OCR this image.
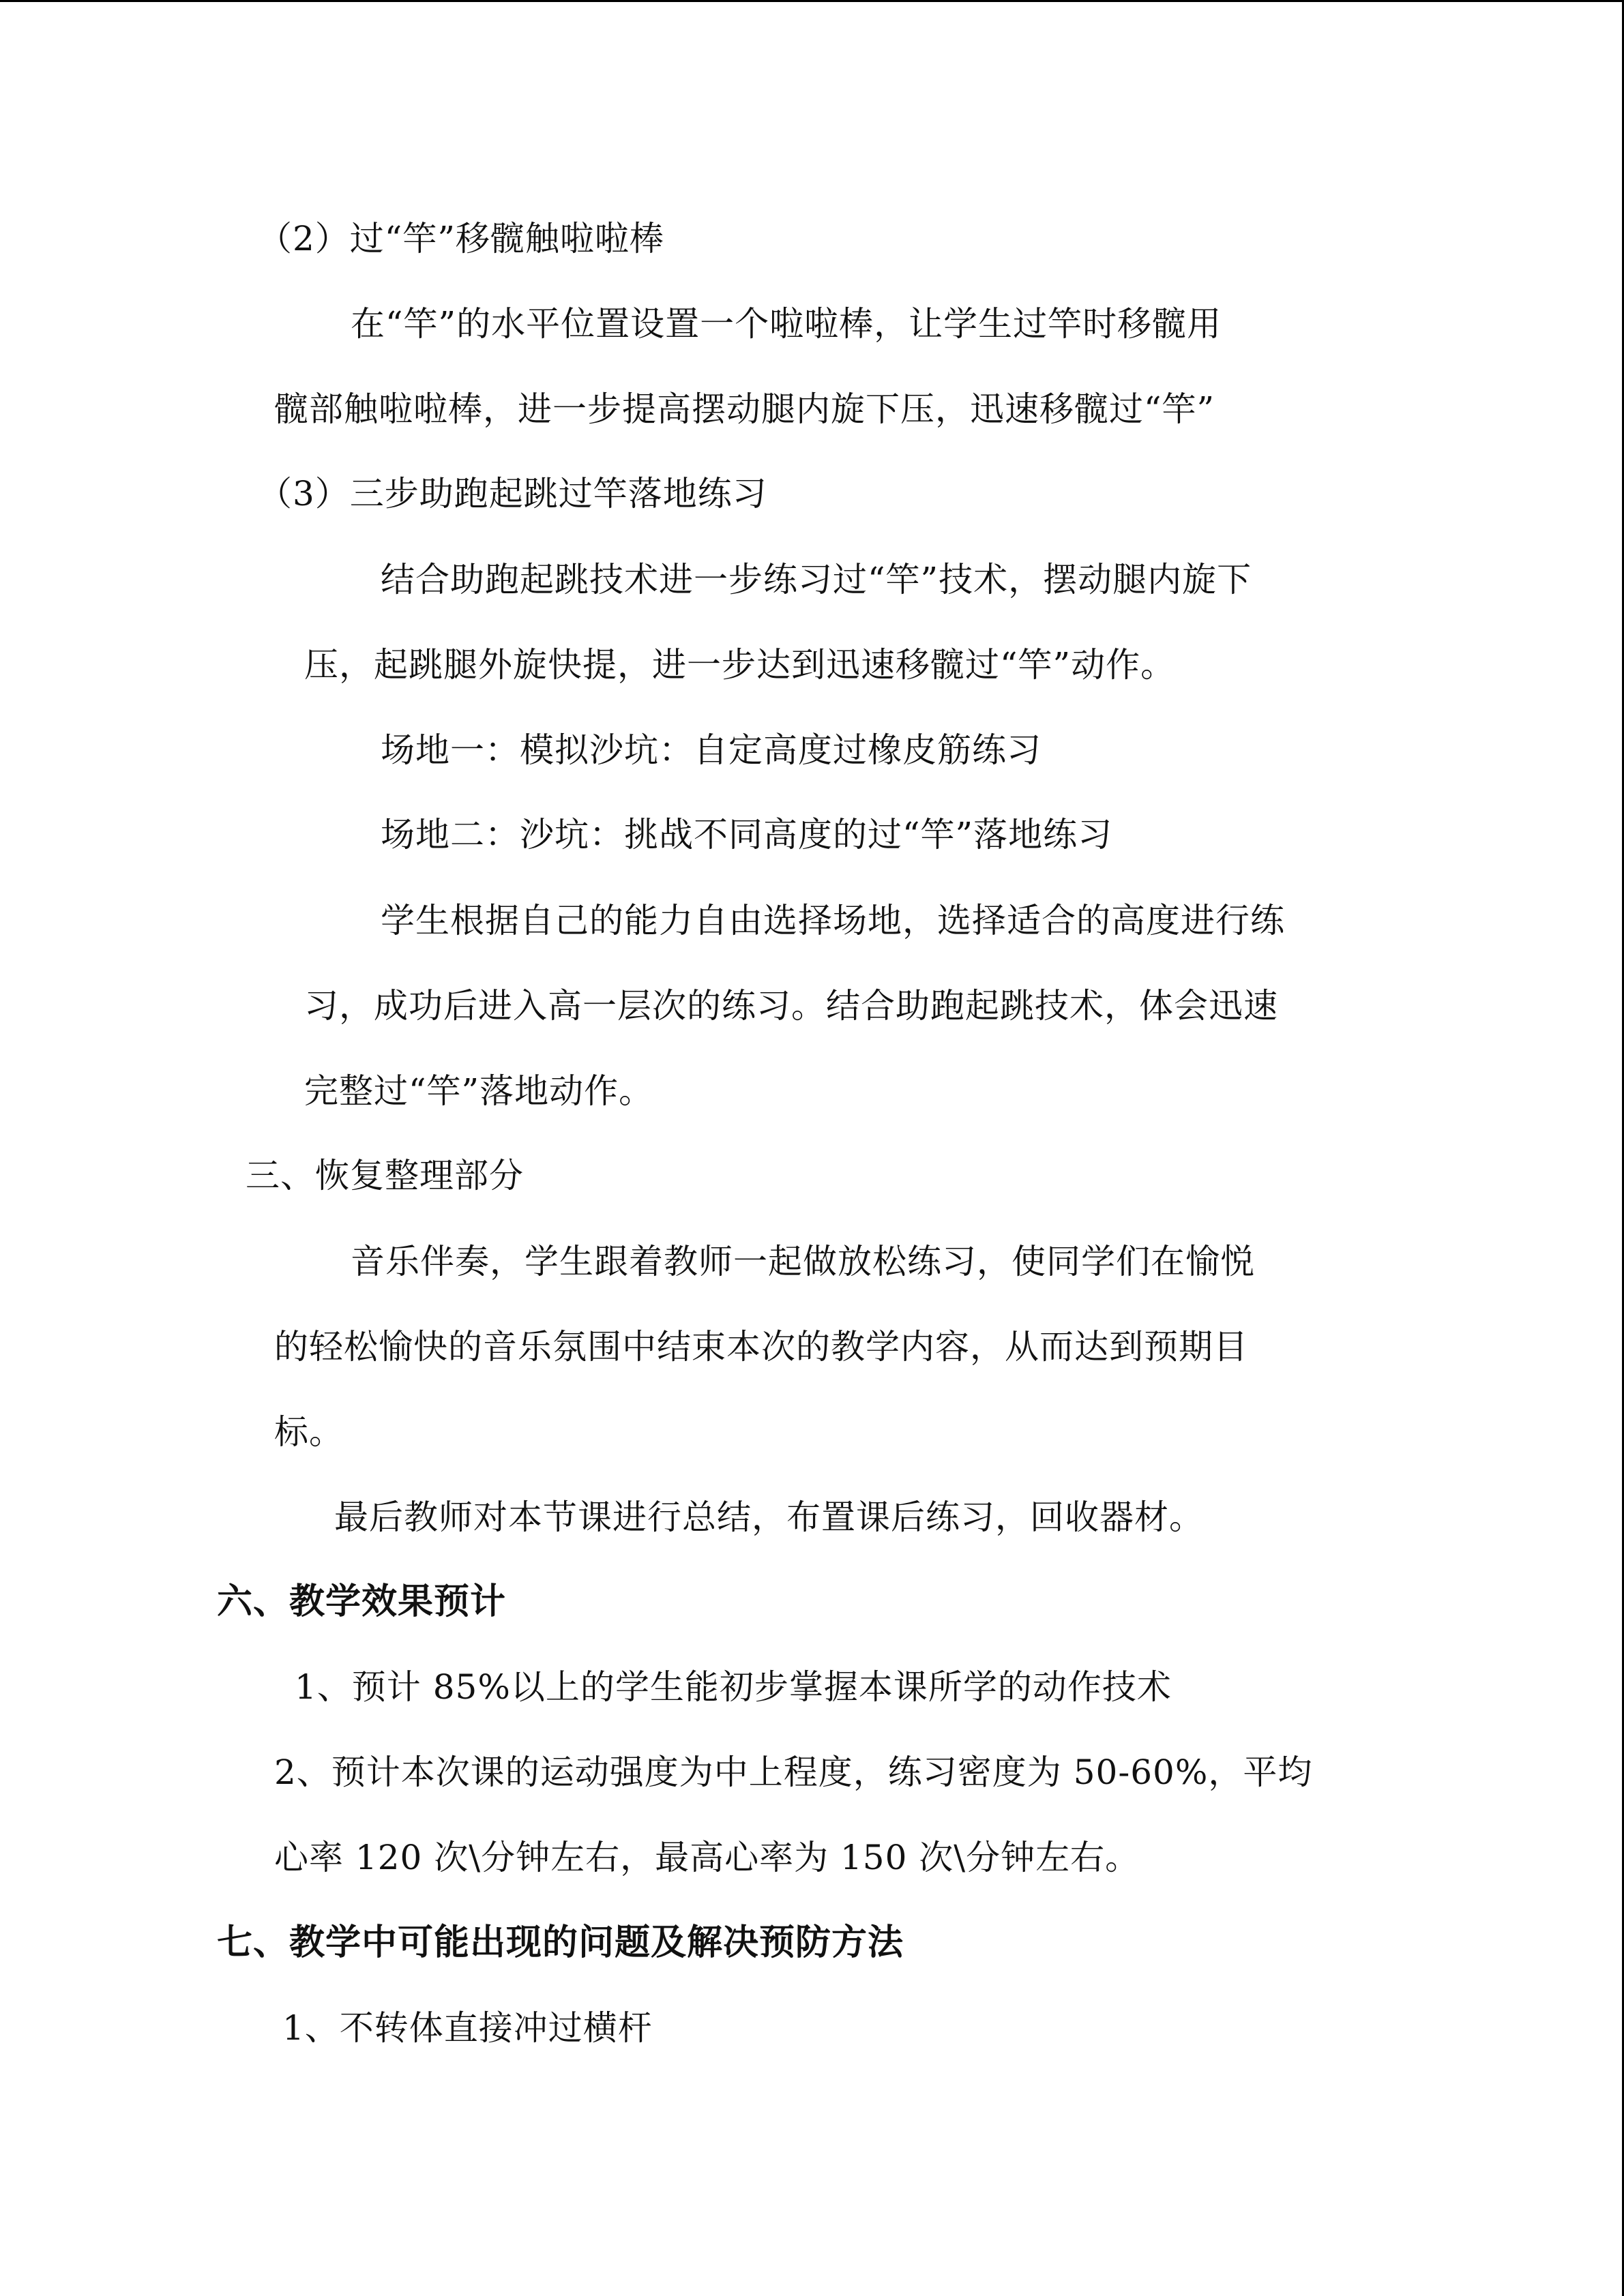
（2）过“竿”移髋触啦啦棒
在“竿”的水平位置设置一个啦啦棒，让学生过竿时移髋用
髋部触啦啦棒，进一步提高摆动腿内旋下压，迅速移髋过“竿”
（3）三步助跑起跳过竿落地练习
结合助跑起跳技术进一步练习过“竿”技术，摆动腿内旋下
压，起跳腿外旋快提，进一步达到迅速移髋过“竿”动作。
场地一：模拟沙坑：自定高度过橡皮筋练习
场地二：沙坑：挑战不同高度的过“竿”落地练习
学生根据自己的能力自由选择场地，选择适合的高度进行练
习，成功后进入高一层次的练习。结合助跑起跳技术，体会迅速
完整过“竿”落地动作。
三、恢复整理部分
音乐伴奏，学生跟着教师一起做放松练习，使同学们在愉悦
的轻松愉快的音乐氛围中结束本次的教学内容，从而达到预期目
标。
最后教师对本节课进行总结，布置课后练习，回收器材。
六、教学效果预计
1、预计 85%以上的学生能初步掌握本课所学的动作技术
2、预计本次课的运动强度为中上程度，练习密度为 50-60%，平均
心率 120 次\分钟左右，最高心率为 150 次\分钟左右。
七、教学中可能出现的问题及解决预防方法
1、不转体直接冲过横杆
